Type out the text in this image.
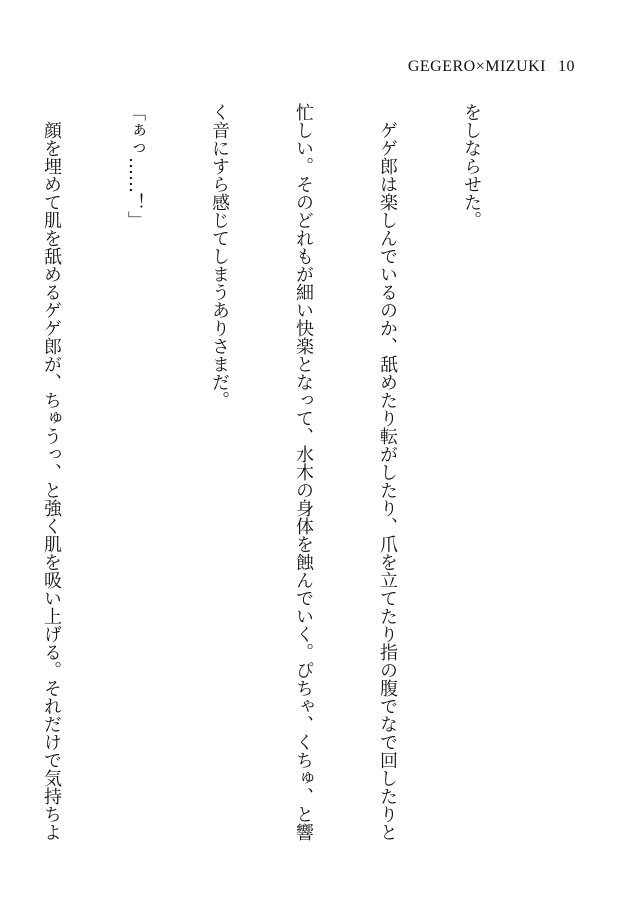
GEGERO×MIZUKI 10

をしならせた。

　ゲゲ郎は楽しんでいるのか、舐めたり転がしたり、爪を立てたり指の腹でなで回したりと

忙しい。そのどれもが細い快楽となって、水木の身体を蝕んでいく。ぴちゃ、くちゅ、と響

く音にすら感じてしまうありさまだ。

「ぁっ……！」

　顔を埋めて肌を舐めるゲゲ郎が、ちゅうっ、と強く肌を吸い上げる。それだけで気持ちよ
